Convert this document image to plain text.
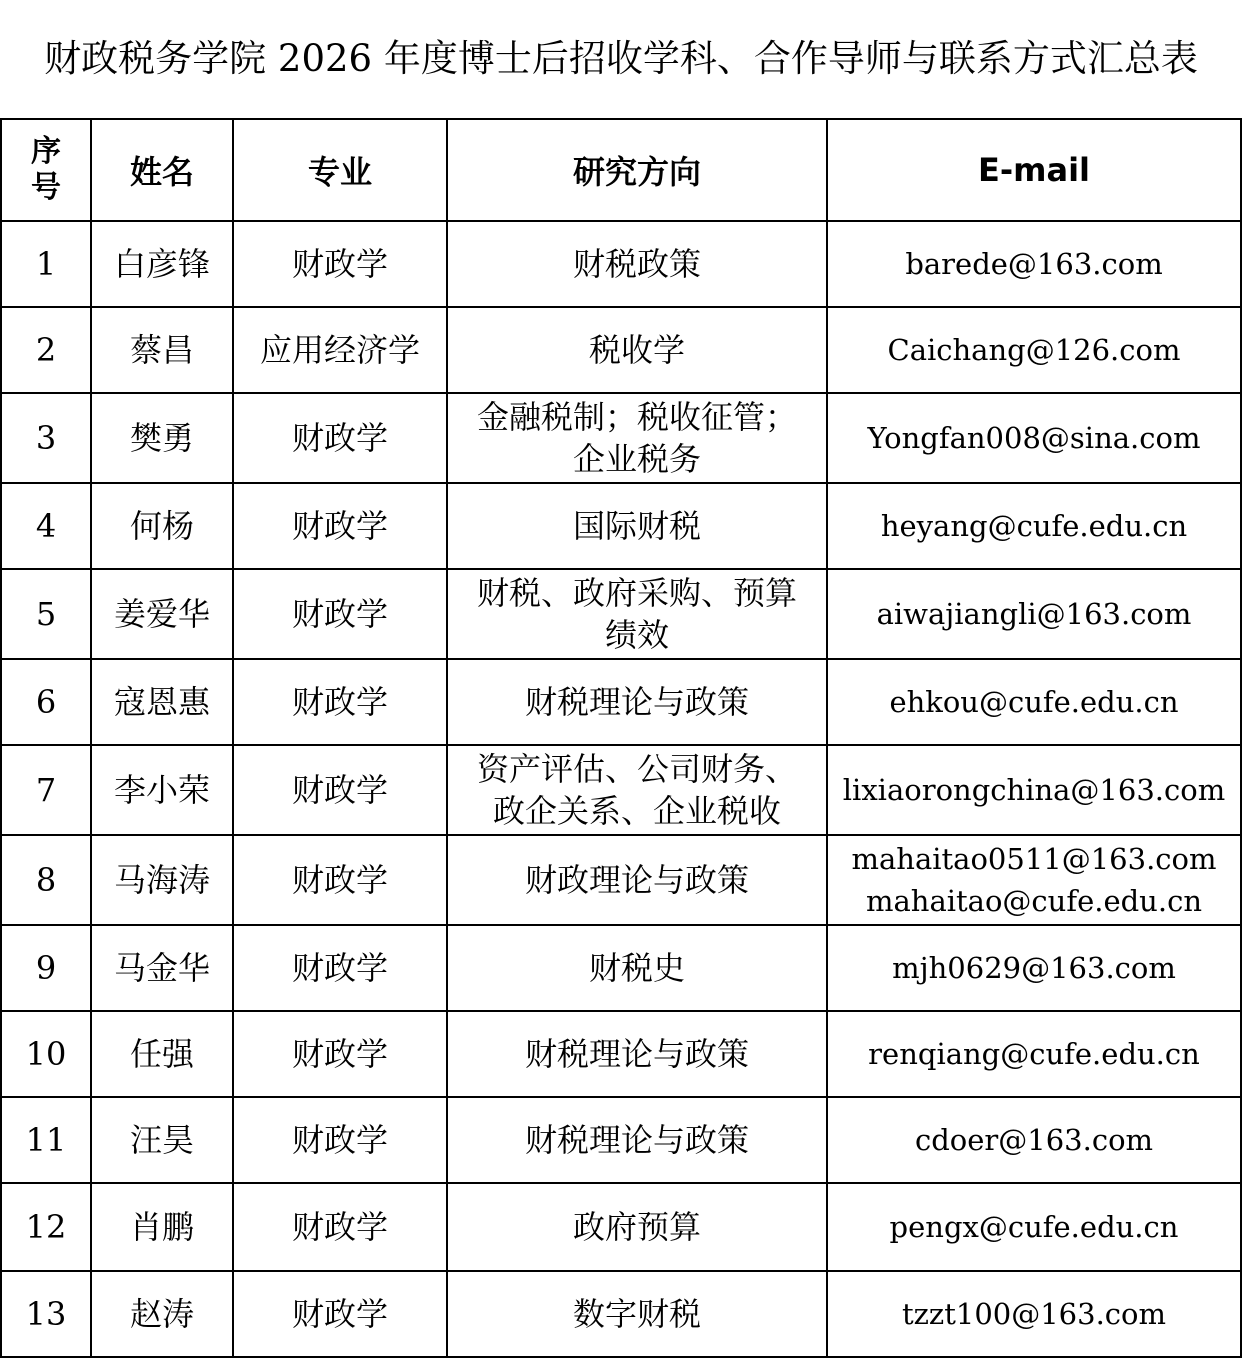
财政税务学院 2026 年度博士后招收学科、合作导师与联系方式汇总表
序
号	姓名	专业	研究方向	E-mail
1	白彦锋	财政学	财税政策	barede@163.com

2	蔡昌	应用经济学	税收学	Caichang@126.com

3	樊勇	财政学	金融税制；税收征管；
企业税务	Yongfan008@sina.com

4	何杨	财政学	国际财税	heyang@cufe.edu.cn

5	姜爱华	财政学	财税、政府采购、预算
绩效	aiwajiangli@163.com

6	寇恩惠	财政学	财税理论与政策	ehkou@cufe.edu.cn

7	李小荣	财政学	资产评估、公司财务、
政企关系、企业税收	lixiaorongchina@163.com

8	马海涛	财政学	财政理论与政策	mahaitao0511@163.com
mahaitao@cufe.edu.cn

9	马金华	财政学	财税史	mjh0629@163.com

10	任强	财政学	财税理论与政策	renqiang@cufe.edu.cn

11	汪昊	财政学	财税理论与政策	cdoer@163.com

12	肖鹏	财政学	政府预算	pengx@cufe.edu.cn

13	赵涛	财政学	数字财税	tzzt100@163.com
